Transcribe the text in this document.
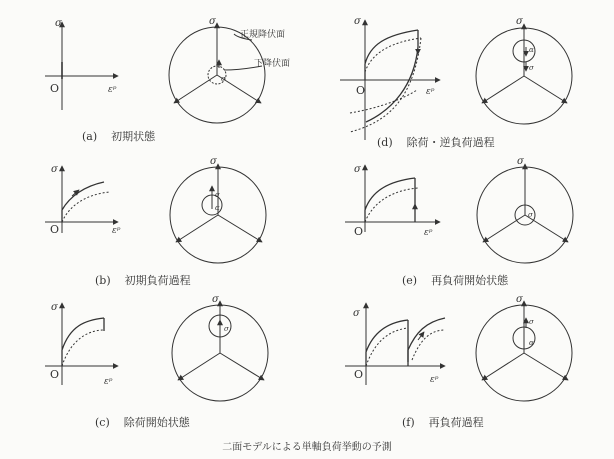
σ
O	εᵖ
σ
σ
正規降伏面
下降伏面
σ
O	εᵖ
σ
α
σ
σ
O	εᵖ
σ
σ
α
σ
O	εᵖ
σ
σ
σ
O
εᵖ
σ
σ
σ
O	εᵖ
σ
σ
α
(a) 初期状態	(d) 除荷・逆負荷過程
(b) 初期負荷過程	(e) 再負荷開始状態
(c) 除荷開始状態	(f) 再負荷過程
二面モデルによる単軸負荷挙動の予測
